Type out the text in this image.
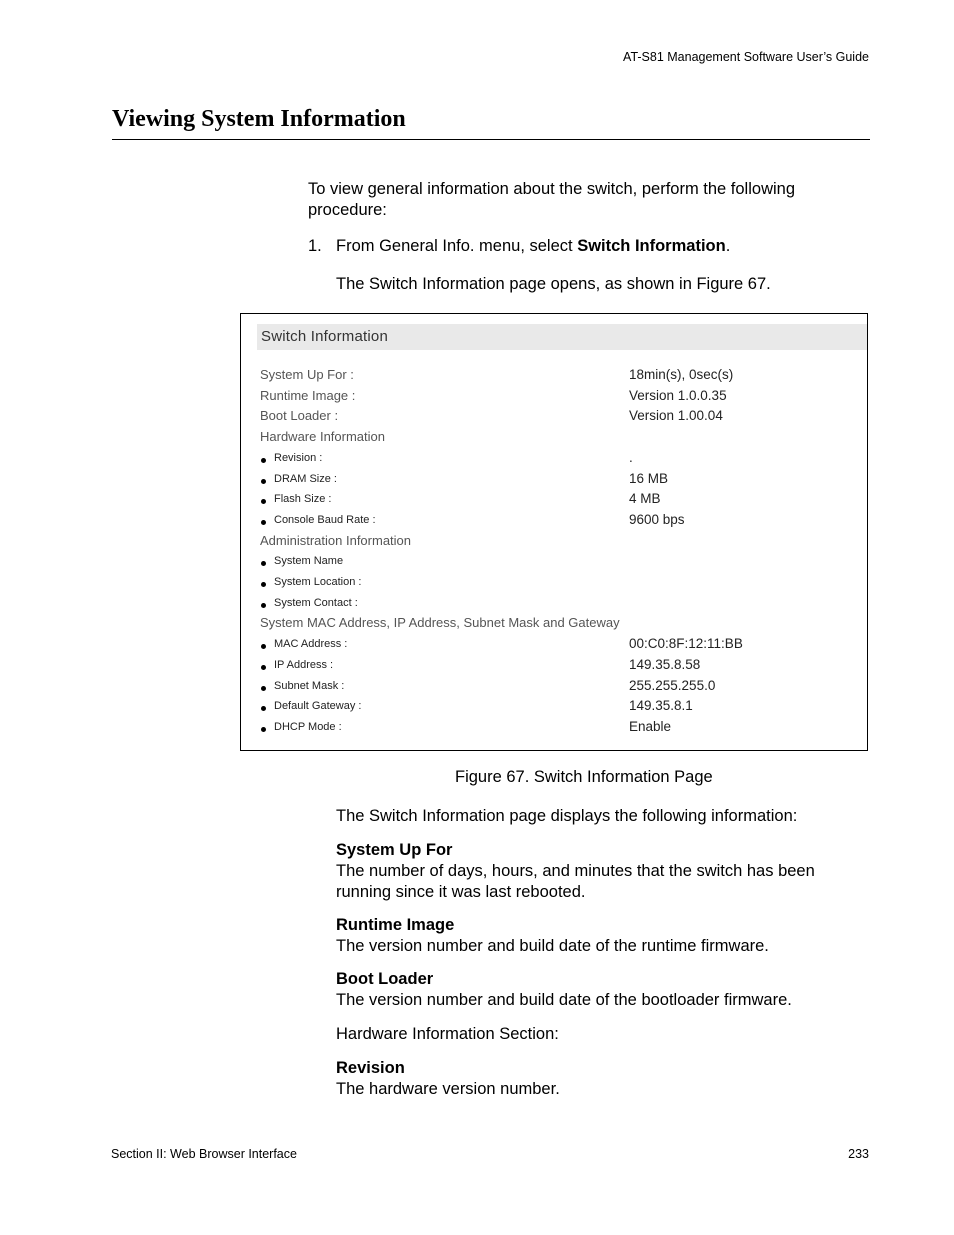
AT-S81 Management Software User’s Guide
Viewing System Information
To view general information about the switch, perform the following
procedure:
1. From General Info. menu, select Switch Information.
The Switch Information page opens, as shown in Figure 67.
Switch Information
System Up For :	18min(s), 0sec(s)
Runtime Image :	Version 1.0.0.35
Boot Loader :	Version 1.00.04
Hardware Information
Revision :	.
DRAM Size :	16 MB
Flash Size :	4 MB
Console Baud Rate :	9600 bps
Administration Information
System Name
System Location :
System Contact :
System MAC Address, IP Address, Subnet Mask and Gateway
MAC Address :	00:C0:8F:12:11:BB
IP Address :	149.35.8.58
Subnet Mask :	255.255.255.0
Default Gateway :	149.35.8.1
DHCP Mode :	Enable
Figure 67. Switch Information Page
The Switch Information page displays the following information:
System Up For
The number of days, hours, and minutes that the switch has been
running since it was last rebooted.
Runtime Image
The version number and build date of the runtime firmware.
Boot Loader
The version number and build date of the bootloader firmware.
Hardware Information Section:
Revision
The hardware version number.
Section II: Web Browser Interface	233
